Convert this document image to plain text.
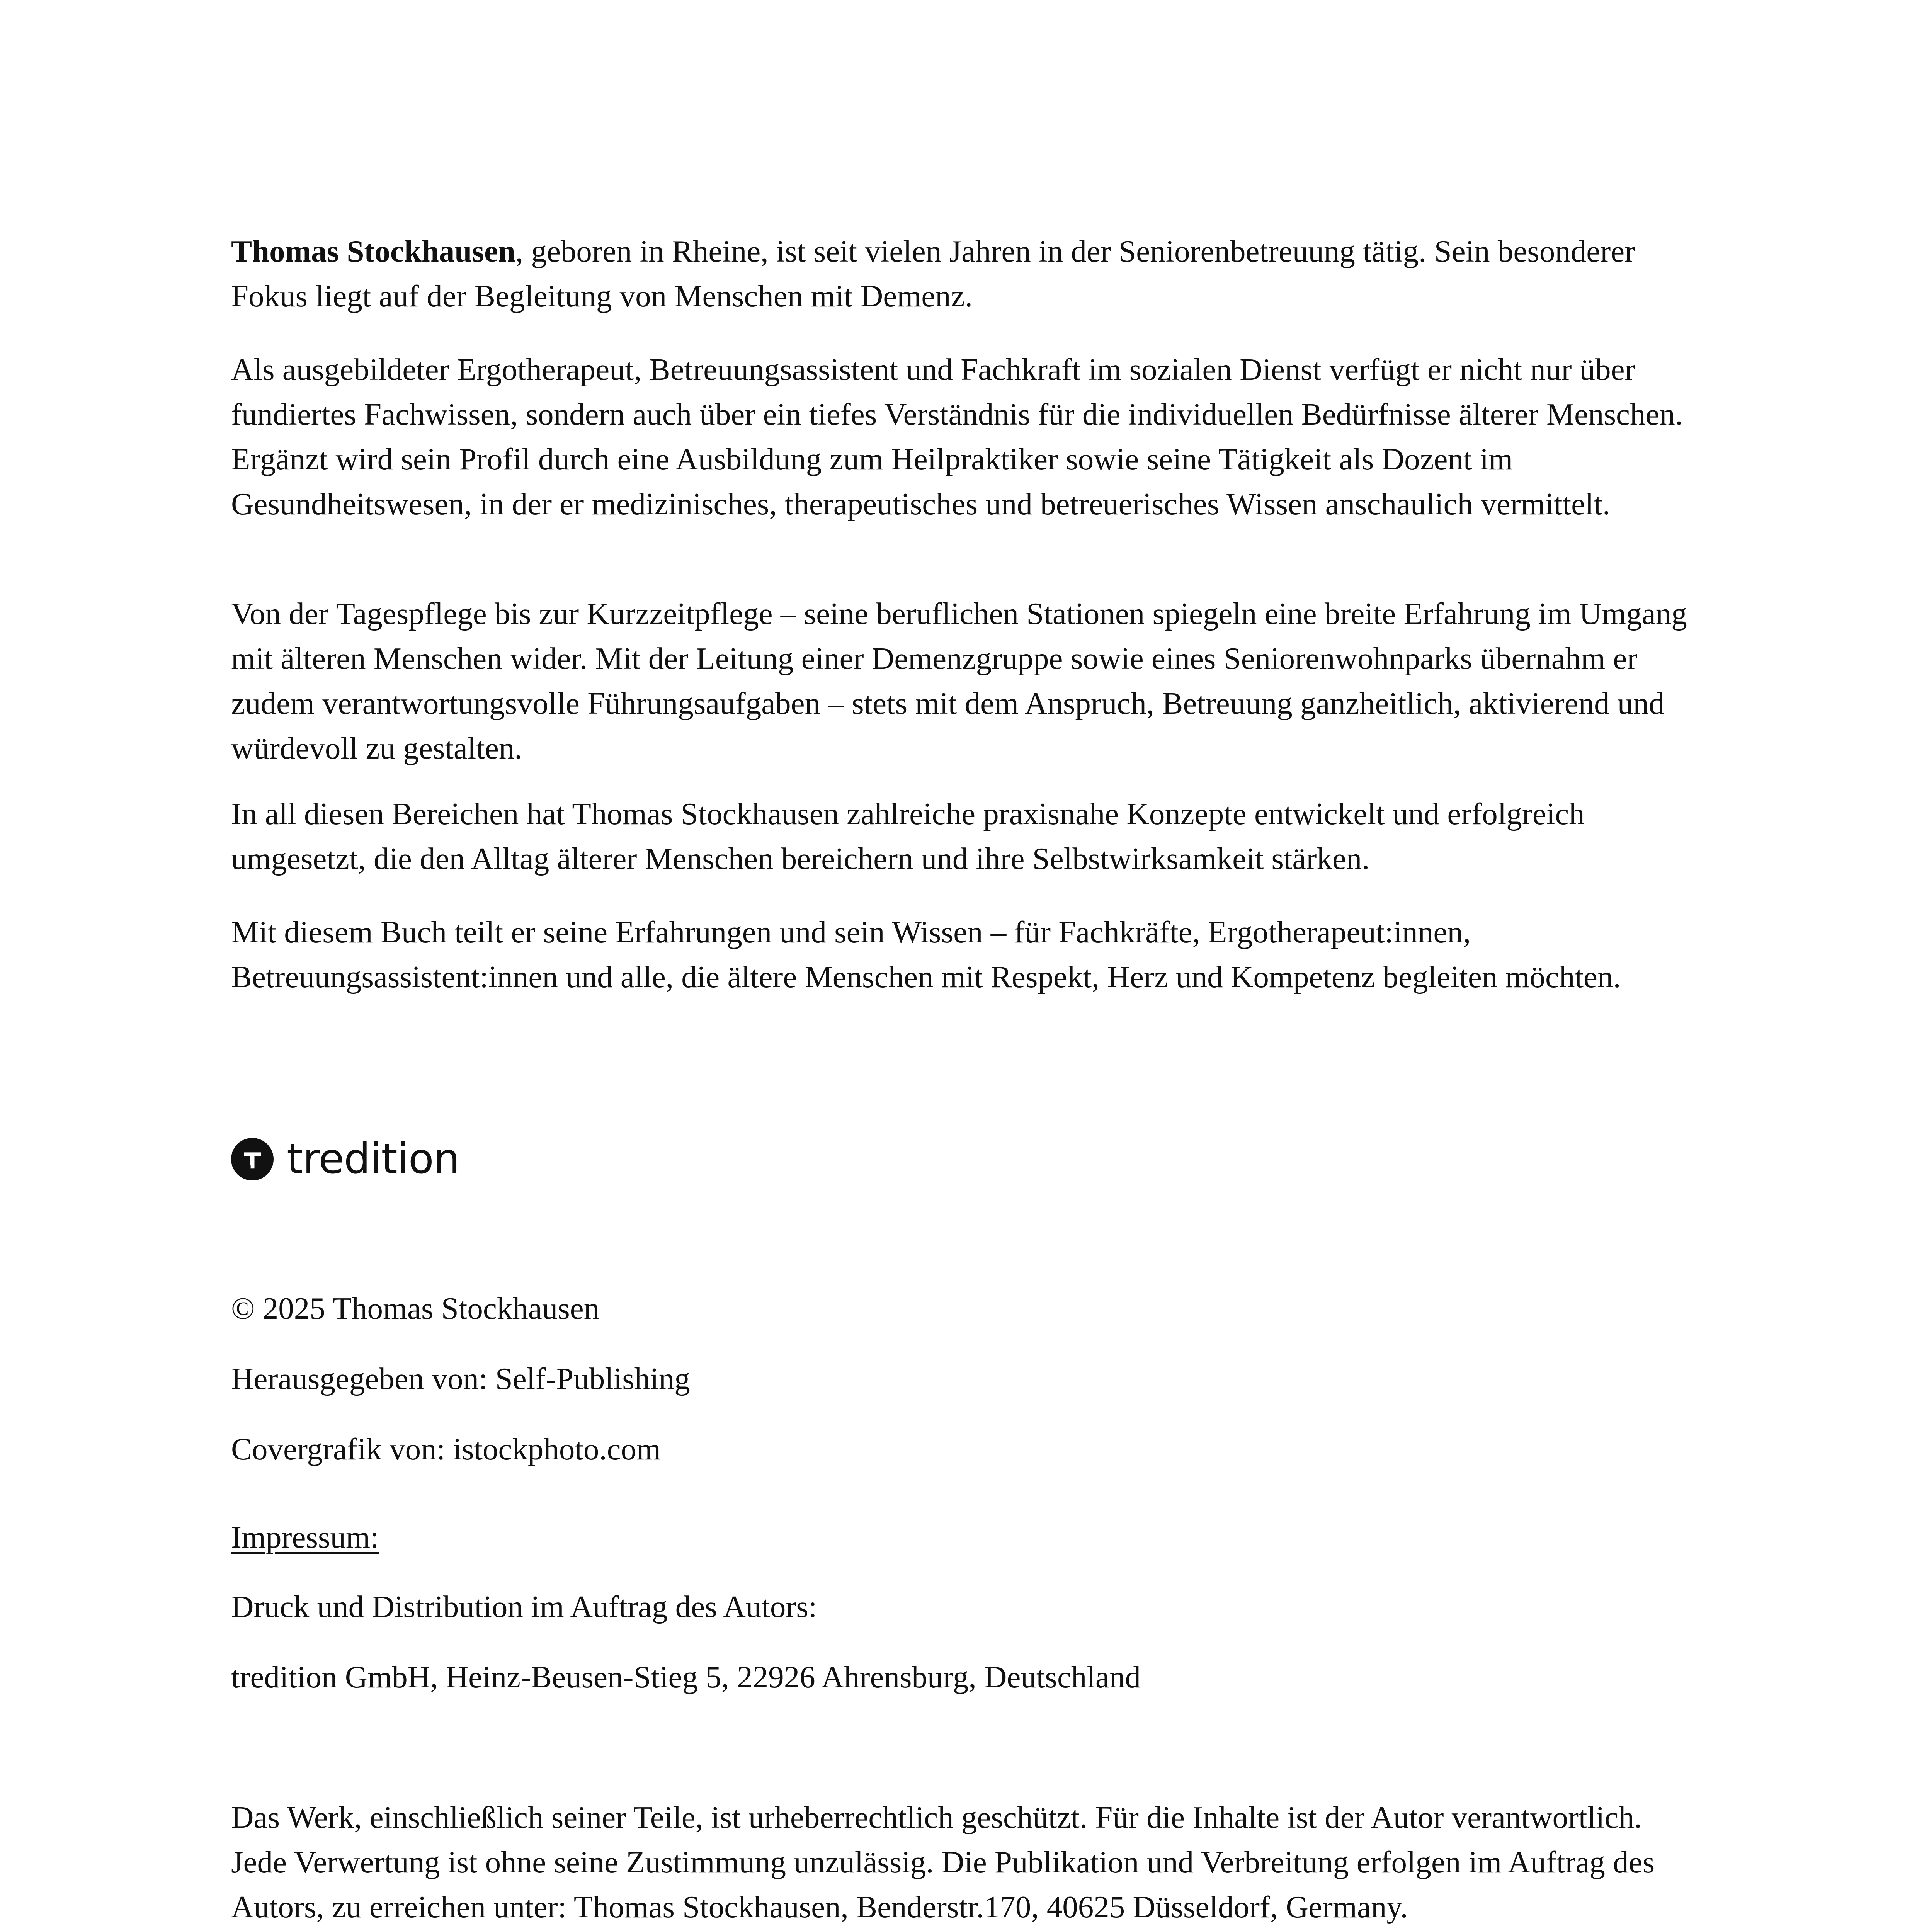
Thomas Stockhausen, geboren in Rheine, ist seit vielen Jahren in der Seniorenbetreuung tätig. Sein besonderer Fokus liegt auf der Begleitung von Menschen mit Demenz.

Als ausgebildeter Ergotherapeut, Betreuungsassistent und Fachkraft im sozialen Dienst verfügt er nicht nur über fundiertes Fachwissen, sondern auch über ein tiefes Verständnis für die individuellen Bedürfnisse älterer Menschen. Ergänzt wird sein Profil durch eine Ausbildung zum Heilpraktiker sowie seine Tätigkeit als Dozent im Gesundheitswesen, in der er medizinisches, therapeutisches und betreuerisches Wissen anschaulich vermittelt.

Von der Tagespflege bis zur Kurzzeitpflege – seine beruflichen Stationen spiegeln eine breite Erfahrung im Umgang mit älteren Menschen wider. Mit der Leitung einer Demenzgruppe sowie eines Seniorenwohnparks übernahm er zudem verantwortungsvolle Führungsaufgaben – stets mit dem Anspruch, Betreuung ganzheitlich, aktivierend und würdevoll zu gestalten.

In all diesen Bereichen hat Thomas Stockhausen zahlreiche praxisnahe Konzepte entwickelt und erfolgreich umgesetzt, die den Alltag älterer Menschen bereichern und ihre Selbstwirksamkeit stärken.

Mit diesem Buch teilt er seine Erfahrungen und sein Wissen – für Fachkräfte, Ergotherapeut:innen, Betreuungsassistent:innen und alle, die ältere Menschen mit Respekt, Herz und Kompetenz begleiten möchten.

tredition

© 2025 Thomas Stockhausen

Herausgegeben von: Self-Publishing

Covergrafik von: istockphoto.com

Impressum:

Druck und Distribution im Auftrag des Autors:

tredition GmbH, Heinz-Beusen-Stieg 5, 22926 Ahrensburg, Deutschland

Das Werk, einschließlich seiner Teile, ist urheberrechtlich geschützt. Für die Inhalte ist der Autor verantwortlich. Jede Verwertung ist ohne seine Zustimmung unzulässig. Die Publikation und Verbreitung erfolgen im Auftrag des Autors, zu erreichen unter: Thomas Stockhausen, Benderstr.170, 40625 Düsseldorf, Germany.
